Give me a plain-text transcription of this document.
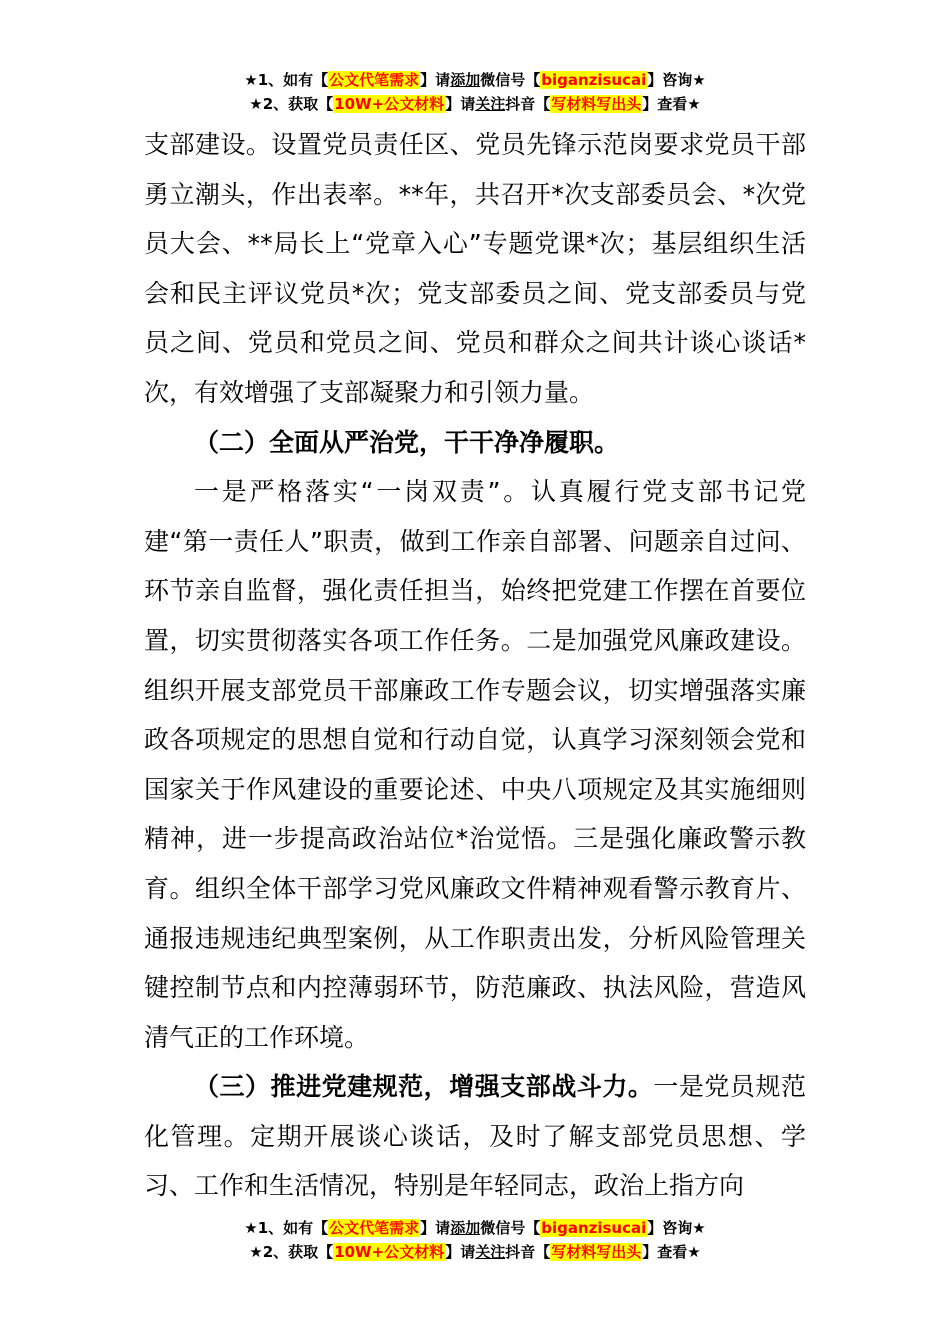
★1、如有【公文代笔需求】请添加微信号【biganzisucai】咨询★
★2、获取【10W+公文材料】请关注抖音【写材料写出头】查看★

支部建设。设置党员责任区、党员先锋示范岗要求党员干部勇立潮头，作出表率。**年，共召开*次支部委员会、*次党员大会、**局长上“党章入心”专题党课*次；基层组织生活会和民主评议党员*次；党支部委员之间、党支部委员与党员之间、党员和党员之间、党员和群众之间共计谈心谈话*次，有效增强了支部凝聚力和引领力量。

（二）全面从严治党，干干净净履职。

一是严格落实“一岗双责”。认真履行党支部书记党建“第一责任人”职责，做到工作亲自部署、问题亲自过问、环节亲自监督，强化责任担当，始终把党建工作摆在首要位置，切实贯彻落实各项工作任务。二是加强党风廉政建设。组织开展支部党员干部廉政工作专题会议，切实增强落实廉政各项规定的思想自觉和行动自觉，认真学习深刻领会党和国家关于作风建设的重要论述、中央八项规定及其实施细则精神，进一步提高政治站位*治觉悟。三是强化廉政警示教育。组织全体干部学习党风廉政文件精神观看警示教育片、通报违规违纪典型案例，从工作职责出发，分析风险管理关键控制节点和内控薄弱环节，防范廉政、执法风险，营造风清气正的工作环境。

（三）推进党建规范，增强支部战斗力。一是党员规范化管理。定期开展谈心谈话，及时了解支部党员思想、学习、工作和生活情况，特别是年轻同志，政治上指方向

★1、如有【公文代笔需求】请添加微信号【biganzisucai】咨询★
★2、获取【10W+公文材料】请关注抖音【写材料写出头】查看★
